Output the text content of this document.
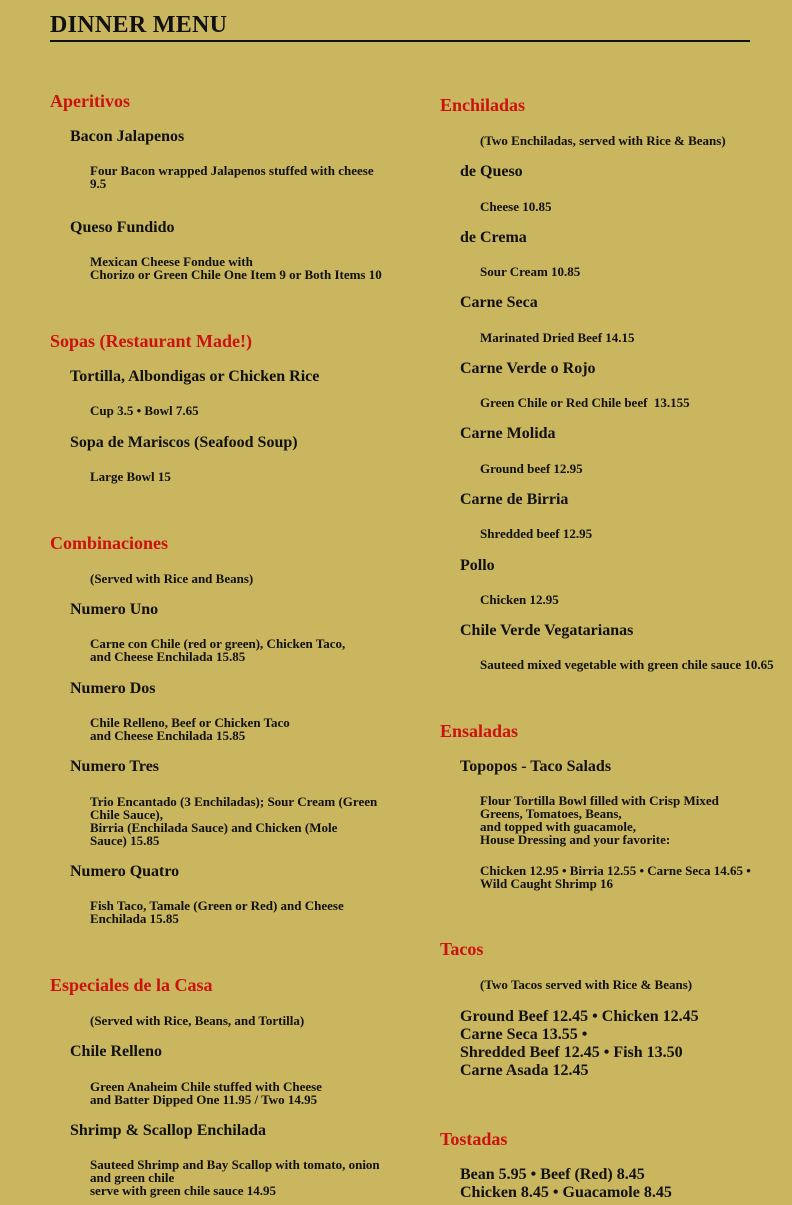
DINNER MENU
Aperitivos
Bacon Jalapenos
Four Bacon wrapped Jalapenos stuffed with cheese
9.5
Queso Fundido
Mexican Cheese Fondue with
Chorizo or Green Chile One Item 9 or Both Items 10
Sopas (Restaurant Made!)
Tortilla, Albondigas or Chicken Rice
Cup 3.5 • Bowl 7.65
Sopa de Mariscos (Seafood Soup)
Large Bowl 15
Combinaciones
(Served with Rice and Beans)
Numero Uno
Carne con Chile (red or green), Chicken Taco,
and Cheese Enchilada 15.85
Numero Dos
Chile Relleno, Beef or Chicken Taco
and Cheese Enchilada 15.85
Numero Tres
Trio Encantado (3 Enchiladas); Sour Cream (Green
Chile Sauce),
Birria (Enchilada Sauce) and Chicken (Mole
Sauce) 15.85
Numero Quatro
Fish Taco, Tamale (Green or Red) and Cheese
Enchilada 15.85
Especiales de la Casa
(Served with Rice, Beans, and Tortilla)
Chile Relleno
Green Anaheim Chile stuffed with Cheese
and Batter Dipped One 11.95 / Two 14.95
Shrimp & Scallop Enchilada
Sauteed Shrimp and Bay Scallop with tomato, onion
and green chile
serve with green chile sauce 14.95
Enchiladas
(Two Enchiladas, served with Rice & Beans)
de Queso
Cheese 10.85
de Crema
Sour Cream 10.85
Carne Seca
Marinated Dried Beef 14.15
Carne Verde o Rojo
Green Chile or Red Chile beef  13.155
Carne Molida
Ground beef 12.95
Carne de Birria
Shredded beef 12.95
Pollo
Chicken 12.95
Chile Verde Vegatarianas
Sauteed mixed vegetable with green chile sauce 10.65
Ensaladas
Topopos - Taco Salads
Flour Tortilla Bowl filled with Crisp Mixed
Greens, Tomatoes, Beans,
and topped with guacamole,
House Dressing and your favorite:
Chicken 12.95 • Birria 12.55 • Carne Seca 14.65 •
Wild Caught Shrimp 16
Tacos
(Two Tacos served with Rice & Beans)
Ground Beef 12.45 • Chicken 12.45
Carne Seca 13.55 •
Shredded Beef 12.45 • Fish 13.50
Carne Asada 12.45
Tostadas
Bean 5.95 • Beef (Red) 8.45
Chicken 8.45 • Guacamole 8.45
